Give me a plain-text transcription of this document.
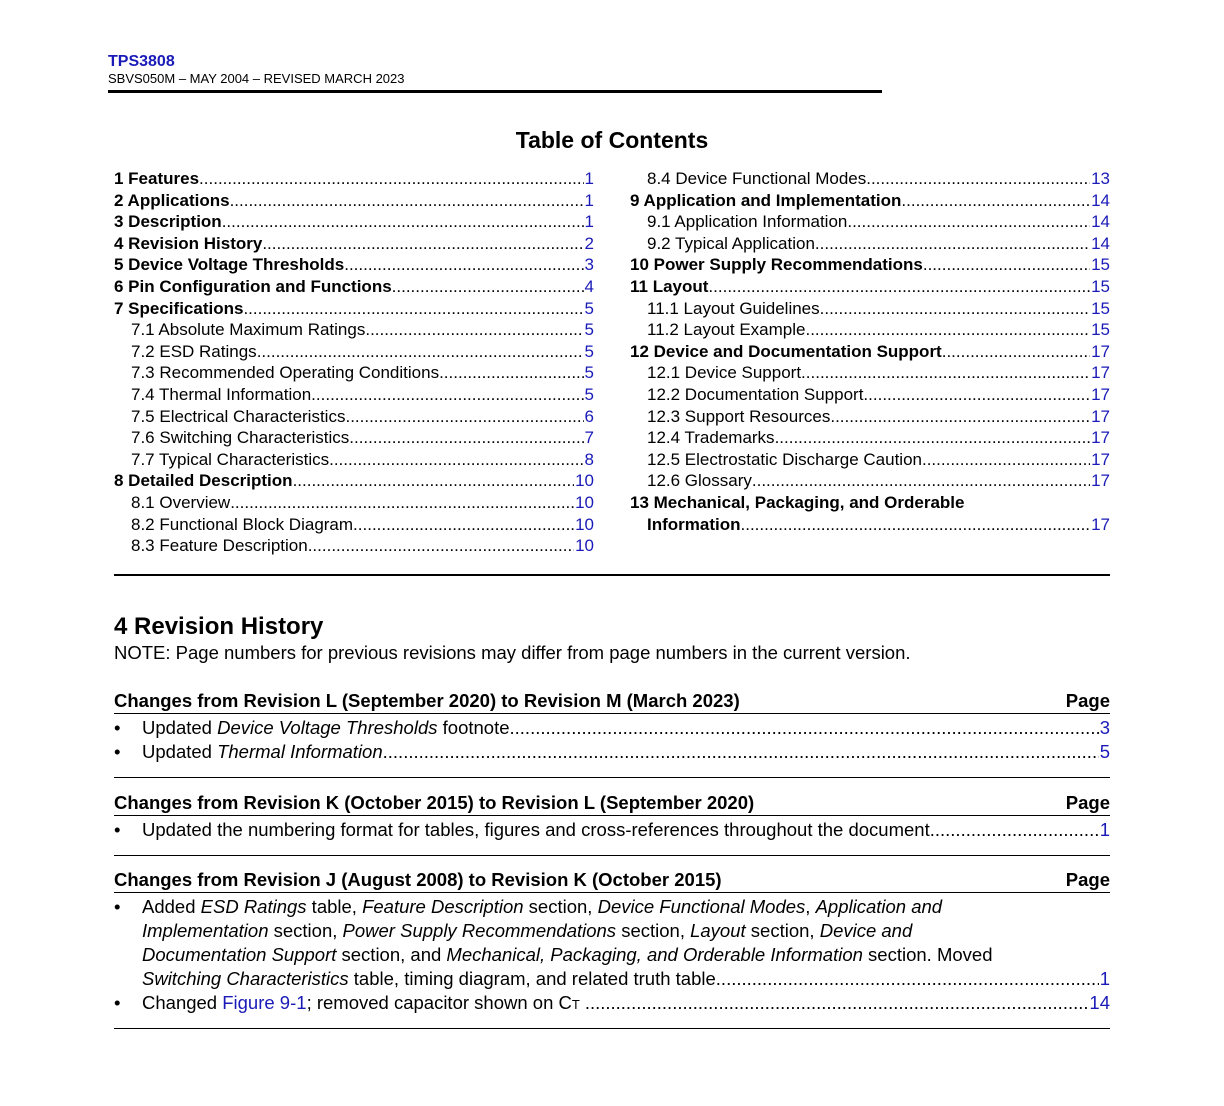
TPS3808
SBVS050M – MAY 2004 – REVISED MARCH 2023
Table of Contents
1 Features .....	1
2 Applications .....	1
3 Description .....	1
4 Revision History .....	2
5 Device Voltage Thresholds .....	3
6 Pin Configuration and Functions .....	4
7 Specifications .....	5
7.1 Absolute Maximum Ratings .....	5
7.2 ESD Ratings .....	5
7.3 Recommended Operating Conditions .....	5
7.4 Thermal Information .....	5
7.5 Electrical Characteristics .....	6
7.6 Switching Characteristics .....	7
7.7 Typical Characteristics .....	8
8 Detailed Description .....	10
8.1 Overview .....	10
8.2 Functional Block Diagram .....	10
8.3 Feature Description .....	10
8.4 Device Functional Modes .....	13
9 Application and Implementation .....	14
9.1 Application Information .....	14
9.2 Typical Application .....	14
10 Power Supply Recommendations .....	15
11 Layout .....	15
11.1 Layout Guidelines .....	15
11.2 Layout Example .....	15
12 Device and Documentation Support .....	17
12.1 Device Support .....	17
12.2 Documentation Support .....	17
12.3 Support Resources .....	17
12.4 Trademarks .....	17
12.5 Electrostatic Discharge Caution .....	17
12.6 Glossary .....	17
13 Mechanical, Packaging, and Orderable
Information .....	17
4 Revision History
NOTE: Page numbers for previous revisions may differ from page numbers in the current version.
Changes from Revision L (September 2020) to Revision M (March 2023)	Page
• Updated Device Voltage Thresholds footnote .....	3
• Updated Thermal Information .....	5
Changes from Revision K (October 2015) to Revision L (September 2020)	Page
• Updated the numbering format for tables, figures and cross-references throughout the document .....	1
Changes from Revision J (August 2008) to Revision K (October 2015)	Page
• Added ESD Ratings table, Feature Description section, Device Functional Modes, Application and
Implementation section, Power Supply Recommendations section, Layout section, Device and
Documentation Support section, and Mechanical, Packaging, and Orderable Information section. Moved
Switching Characteristics table, timing diagram, and related truth table .....	1
• Changed Figure 9-1 ; removed capacitor shown on C T .....	14
